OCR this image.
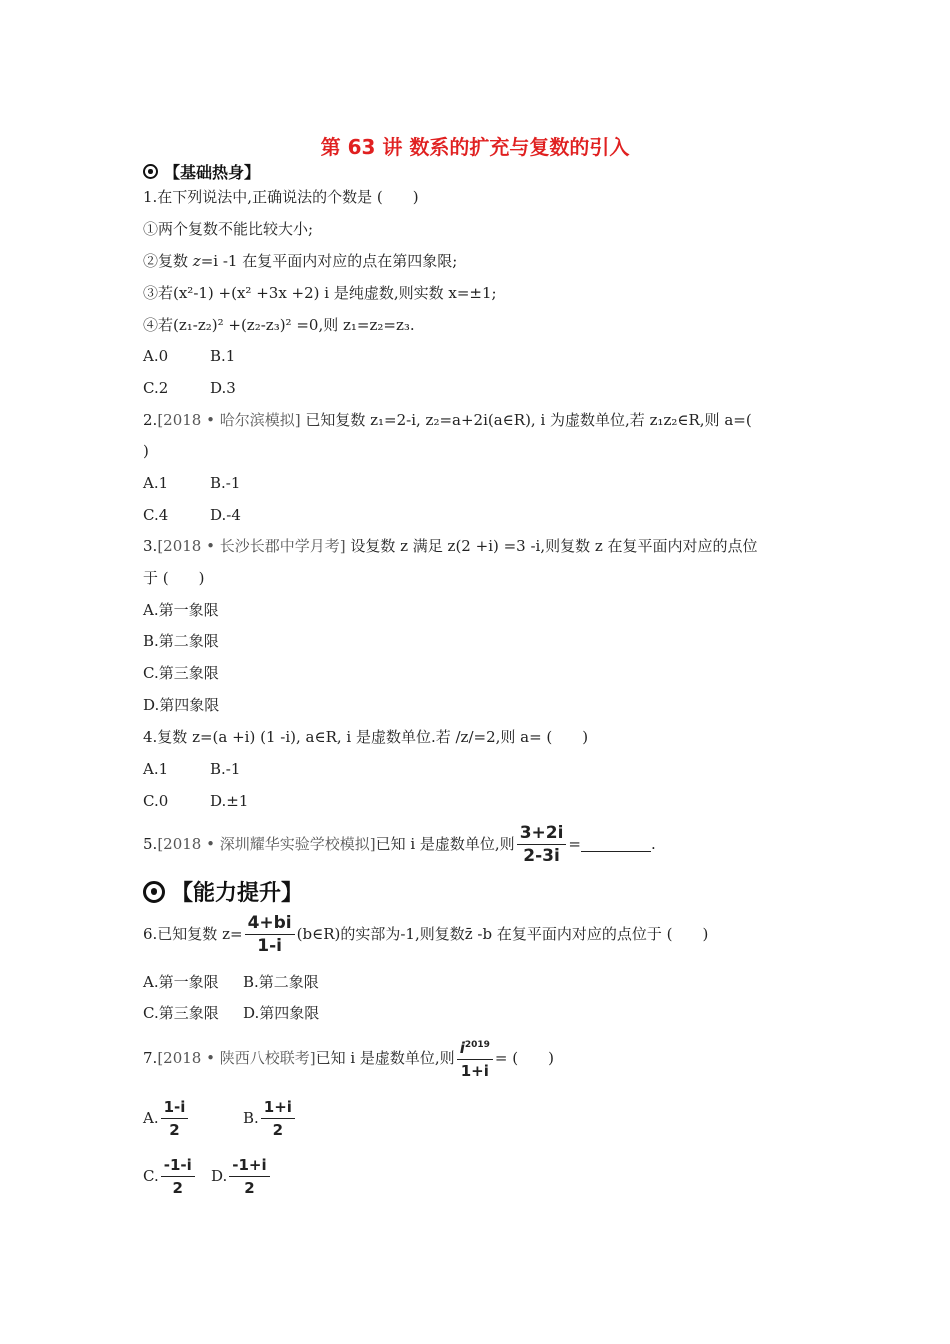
第 63 讲 数系的扩充与复数的引入
【基础热身】
1.在下列说法中,正确说法的个数是 (　　)
①两个复数不能比较大小;
②复数 z=i -1 在复平面内对应的点在第四象限;
③若(x²-1) +(x² +3x +2) i 是纯虚数,则实数 x=±1;
④若(z₁-z₂)² +(z₂-z₃)² =0,则 z₁=z₂=z₃.
A.0	B.1
C.2	D.3
2.[2018 • 哈尔滨模拟] 已知复数 z₁=2-i, z₂=a+2i(a∈R), i 为虚数单位,若 z₁z₂∈R,则 a=(
)
A.1	B.-1
C.4	D.-4
3.[2018 • 长沙长郡中学月考] 设复数 z 满足 z(2 +i) =3 -i,则复数 z 在复平面内对应的点位
于 (　　)
A.第一象限
B.第二象限
C.第三象限
D.第四象限
4.复数 z=(a +i) (1 -i), a∈R, i 是虚数单位.若 /z/=2,则 a= (　　)
A.1	B.-1
C.0	D.±1
5. [2018 • 深圳耀华实验学校模拟] 已知 i 是虚数单位,则 $\frac{3+2i}{2-3i}$ =	.
【能力提升】
6.已知复数 $z= \frac{4+bi}{1-i}$ (b∈R)的实部为-1,则复数z̄ -b 在复平面内对应的点位于 (　　)
A.第一象限 B.第二象限
C.第三象限 D.第四象限
7. [2018 • 陕西八校联考] 已知 i 是虚数单位,则 $\frac{i^{2019}}{1+i}$ = (　　)
A. $\frac{1-i}{2}$	B. $\frac{1+i}{2}$
C. $\frac{-1-i}{2} D$. $\frac{-1+i}{2}$
